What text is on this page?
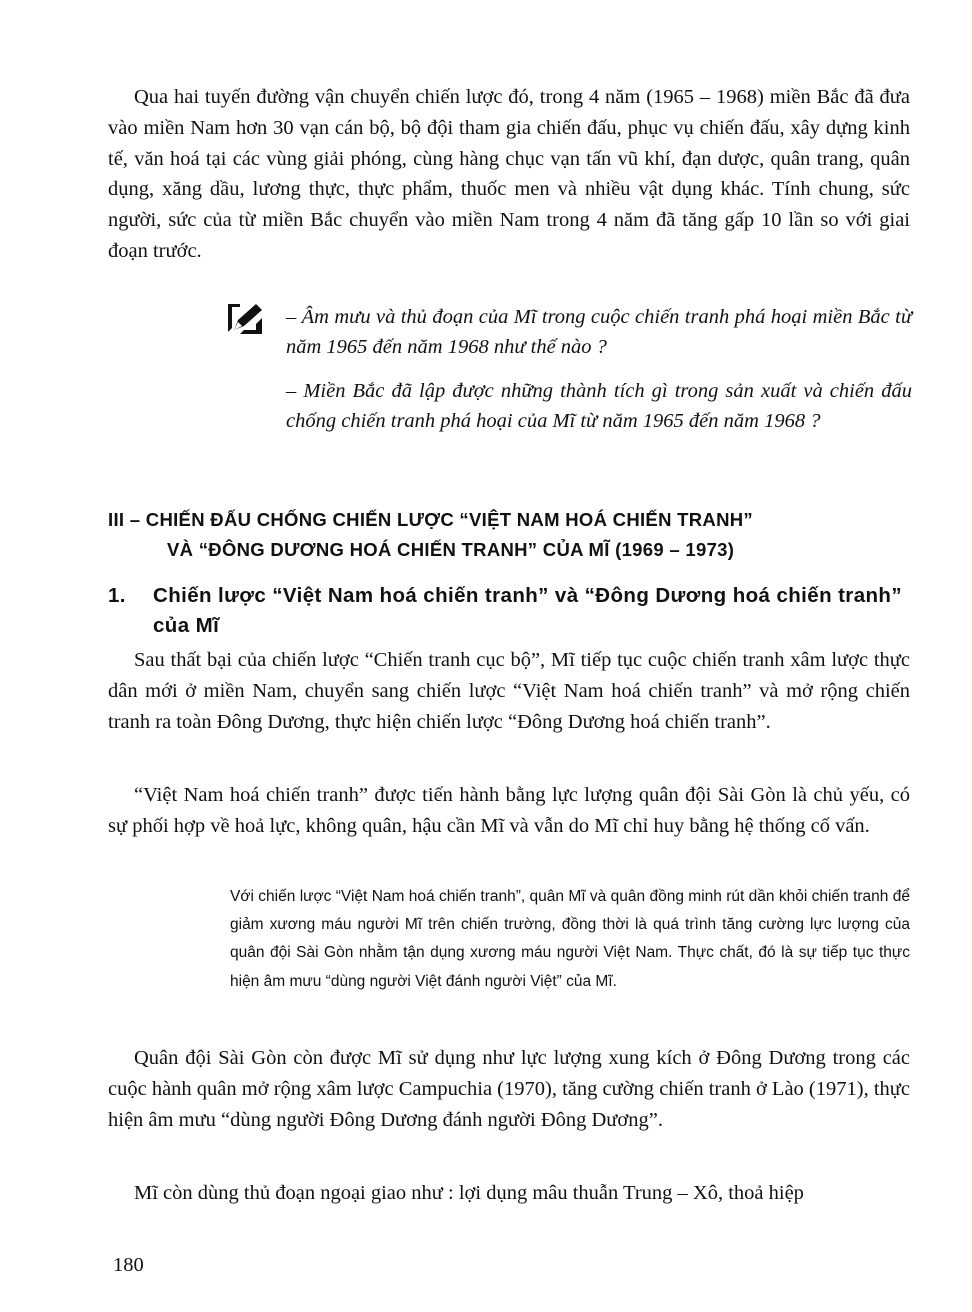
Qua hai tuyến đường vận chuyển chiến lược đó, trong 4 năm (1965 – 1968) miền Bắc đã đưa vào miền Nam hơn 30 vạn cán bộ, bộ đội tham gia chiến đấu, phục vụ chiến đấu, xây dựng kinh tế, văn hoá tại các vùng giải phóng, cùng hàng chục vạn tấn vũ khí, đạn dược, quân trang, quân dụng, xăng dầu, lương thực, thực phẩm, thuốc men và nhiều vật dụng khác. Tính chung, sức người, sức của từ miền Bắc chuyển vào miền Nam trong 4 năm đã tăng gấp 10 lần so với giai đoạn trước.

– Âm mưu và thủ đoạn của Mĩ trong cuộc chiến tranh phá hoại miền Bắc từ năm 1965 đến năm 1968 như thế nào ?

– Miền Bắc đã lập được những thành tích gì trong sản xuất và chiến đấu chống chiến tranh phá hoại của Mĩ từ năm 1965 đến năm 1968 ?

III – CHIẾN ĐẤU CHỐNG CHIẾN LƯỢC “VIỆT NAM HOÁ CHIẾN TRANH”
VÀ “ĐÔNG DƯƠNG HOÁ CHIẾN TRANH” CỦA MĨ (1969 – 1973)
1.	Chiến lược “Việt Nam hoá chiến tranh” và “Đông Dương hoá chiến tranh” của Mĩ

Sau thất bại của chiến lược “Chiến tranh cục bộ”, Mĩ tiếp tục cuộc chiến tranh xâm lược thực dân mới ở miền Nam, chuyển sang chiến lược “Việt Nam hoá chiến tranh” và mở rộng chiến tranh ra toàn Đông Dương, thực hiện chiến lược “Đông Dương hoá chiến tranh”.

“Việt Nam hoá chiến tranh” được tiến hành bằng lực lượng quân đội Sài Gòn là chủ yếu, có sự phối hợp về hoả lực, không quân, hậu cần Mĩ và vẫn do Mĩ chỉ huy bằng hệ thống cố vấn.

Với chiến lược “Việt Nam hoá chiến tranh”, quân Mĩ và quân đồng minh rút dần khỏi chiến tranh để giảm xương máu người Mĩ trên chiến trường, đồng thời là quá trình tăng cường lực lượng của quân đội Sài Gòn nhằm tận dụng xương máu người Việt Nam. Thực chất, đó là sự tiếp tục thực hiện âm mưu “dùng người Việt đánh người Việt” của Mĩ.

Quân đội Sài Gòn còn được Mĩ sử dụng như lực lượng xung kích ở Đông Dương trong các cuộc hành quân mở rộng xâm lược Campuchia (1970), tăng cường chiến tranh ở Lào (1971), thực hiện âm mưu “dùng người Đông Dương đánh người Đông Dương”.

Mĩ còn dùng thủ đoạn ngoại giao như : lợi dụng mâu thuẫn Trung – Xô, thoả hiệp

180
